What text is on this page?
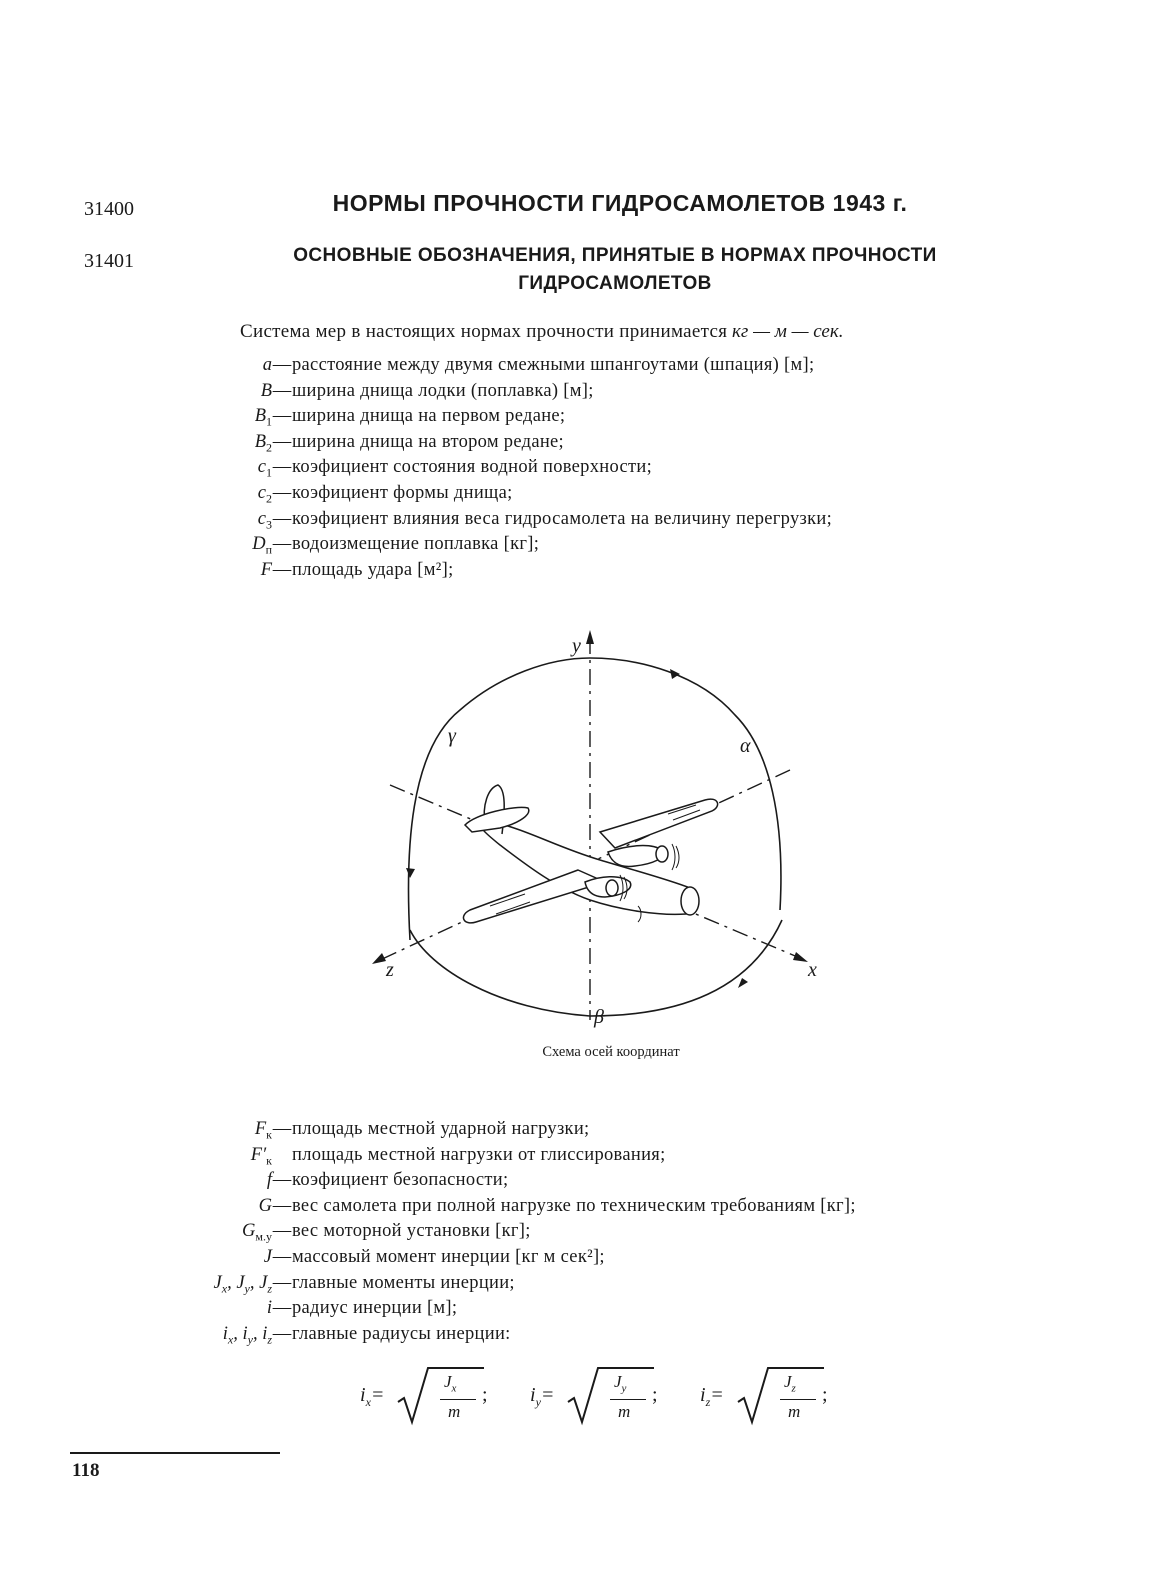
31400	НОРМЫ ПРОЧНОСТИ ГИДРОСАМОЛЕТОВ 1943 г.
31401	ОСНОВНЫЕ ОБОЗНАЧЕНИЯ, ПРИНЯТЫЕ В НОРМАХ ПРОЧНОСТИ
ГИДРОСАМОЛЕТОВ
Система мер в настоящих нормах прочности принимается кг — м — сек.
a — расстояние между двумя смежными шпангоутами (шпация) [м];
B — ширина днища лодки (поплавка) [м];
$B_1$ — ширина днища на первом редане;
$B_2$ — ширина днища на втором редане;
$c_1$ — коэфициент состояния водной поверхности;
$c_2$ — коэфициент формы днища;
$c_3$ — коэфициент влияния веса гидросамолета на величину перегрузки;
$D_п$ — водоизмещение поплавка [кг];
F — площадь удара [м²];
y
α
γ
z	x
β
Схема осей координат
$F_к$ — площадь местной ударной нагрузки;
$F'_к$ площадь местной нагрузки от глиссирования;
f — коэфициент безопасности;
G — вес самолета при полной нагрузке по техническим требованиям [кг];
$G_{м.у}$ — вес моторной установки [кг];
J — массовый момент инерции [кг м сек²];
$J_x$, $J_y$, $J_z$ — главные моменты инерции;
i — радиус инерции [м];
$i_x$, $i_y$, $i_z$ — главные радиусы инерции:
$i_x=$
$J_x$
m
; $i_y=$
$J_y$
m
; $i_z=$
$J_z$
m
;
118
